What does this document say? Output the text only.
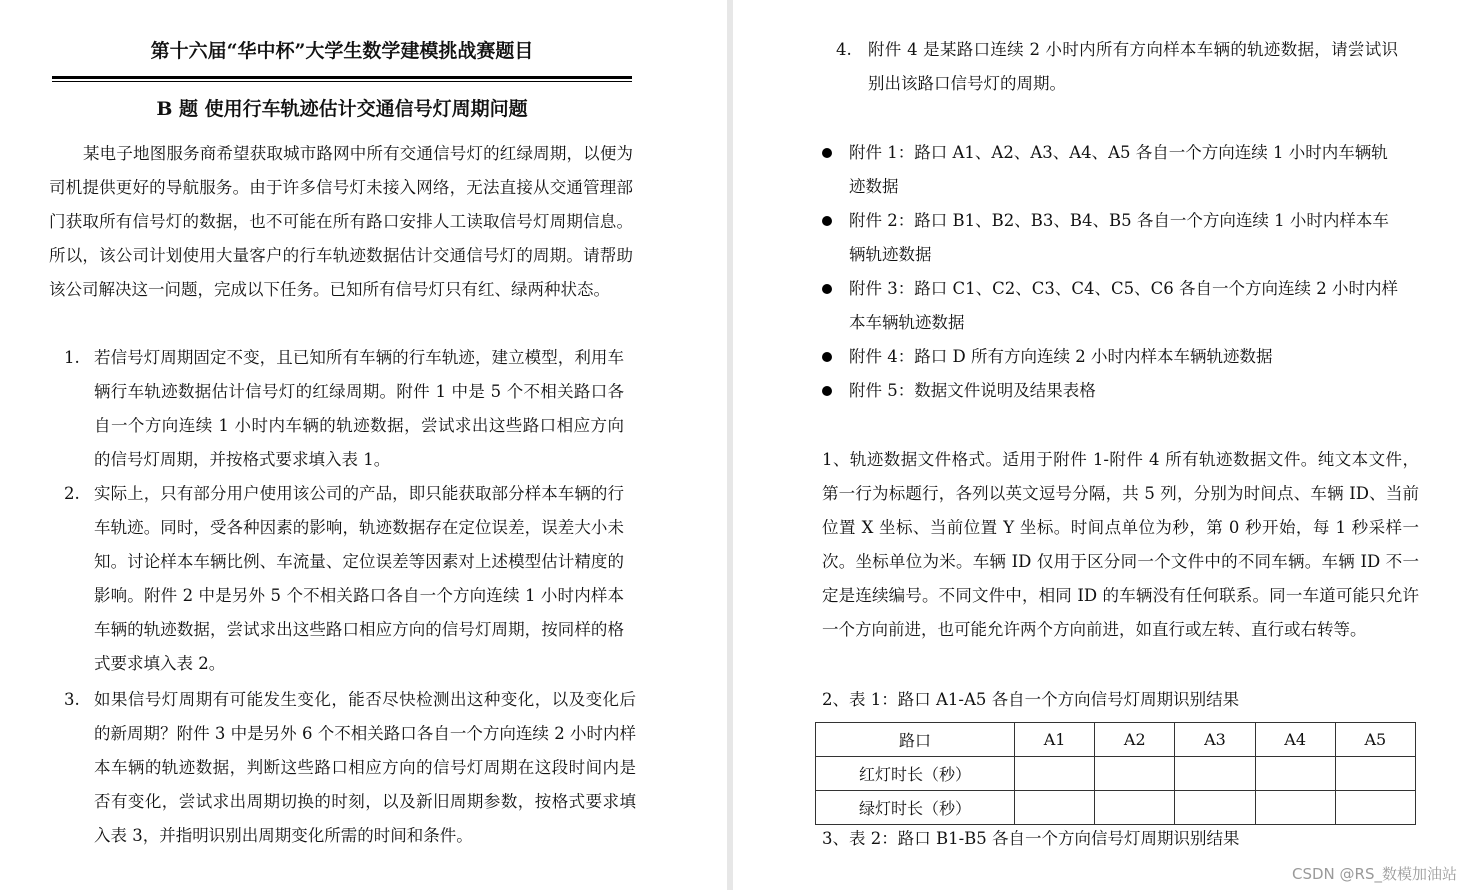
第十六届“华中杯”大学生数学建模挑战赛题目
B 题 使用行车轨迹估计交通信号灯周期问题

某电子地图服务商希望获取城市路网中所有交通信号灯的红绿周期，以便为司机提供更好的导航服务。由于许多信号灯未接入网络，无法直接从交通管理部门获取所有信号灯的数据，也不可能在所有路口安排人工读取信号灯周期信息。所以，该公司计划使用大量客户的行车轨迹数据估计交通信号灯的周期。请帮助该公司解决这一问题，完成以下任务。已知所有信号灯只有红、绿两种状态。

1. 若信号灯周期固定不变，且已知所有车辆的行车轨迹，建立模型，利用车辆行车轨迹数据估计信号灯的红绿周期。附件 1 中是 5 个不相关路口各自一个方向连续 1 小时内车辆的轨迹数据，尝试求出这些路口相应方向的信号灯周期，并按格式要求填入表 1。
2. 实际上，只有部分用户使用该公司的产品，即只能获取部分样本车辆的行车轨迹。同时，受各种因素的影响，轨迹数据存在定位误差，误差大小未知。讨论样本车辆比例、车流量、定位误差等因素对上述模型估计精度的影响。附件 2 中是另外 5 个不相关路口各自一个方向连续 1 小时内样本车辆的轨迹数据，尝试求出这些路口相应方向的信号灯周期，按同样的格式要求填入表 2。
3. 如果信号灯周期有可能发生变化，能否尽快检测出这种变化，以及变化后的新周期？附件 3 中是另外 6 个不相关路口各自一个方向连续 2 小时内样本车辆的轨迹数据，判断这些路口相应方向的信号灯周期在这段时间内是否有变化，尝试求出周期切换的时刻，以及新旧周期参数，按格式要求填入表 3，并指明识别出周期变化所需的时间和条件。
4. 附件 4 是某路口连续 2 小时内所有方向样本车辆的轨迹数据，请尝试识别出该路口信号灯的周期。
附件 1：路口 A1、A2、A3、A4、A5 各自一个方向连续 1 小时内车辆轨迹数据
附件 2：路口 B1、B2、B3、B4、B5 各自一个方向连续 1 小时内样本车辆轨迹数据
附件 3：路口 C1、C2、C3、C4、C5、C6 各自一个方向连续 2 小时内样本车辆轨迹数据
附件 4：路口 D 所有方向连续 2 小时内样本车辆轨迹数据
附件 5：数据文件说明及结果表格

1、轨迹数据文件格式。适用于附件 1-附件 4 所有轨迹数据文件。纯文本文件，第一行为标题行，各列以英文逗号分隔，共 5 列，分别为时间点、车辆 ID、当前位置 X 坐标、当前位置 Y 坐标。时间点单位为秒，第 0 秒开始，每 1 秒采样一次。坐标单位为米。车辆 ID 仅用于区分同一个文件中的不同车辆。车辆 ID 不一定是连续编号。不同文件中，相同 ID 的车辆没有任何联系。同一车道可能只允许一个方向前进，也可能允许两个方向前进，如直行或左转、直行或右转等。

2、表 1：路口 A1-A5 各自一个方向信号灯周期识别结果
路口	A1	A2	A3	A4	A5
红灯时长（秒）					
绿灯时长（秒）					
3、表 2：路口 B1-B5 各自一个方向信号灯周期识别结果
CSDN @RS_数模加油站
